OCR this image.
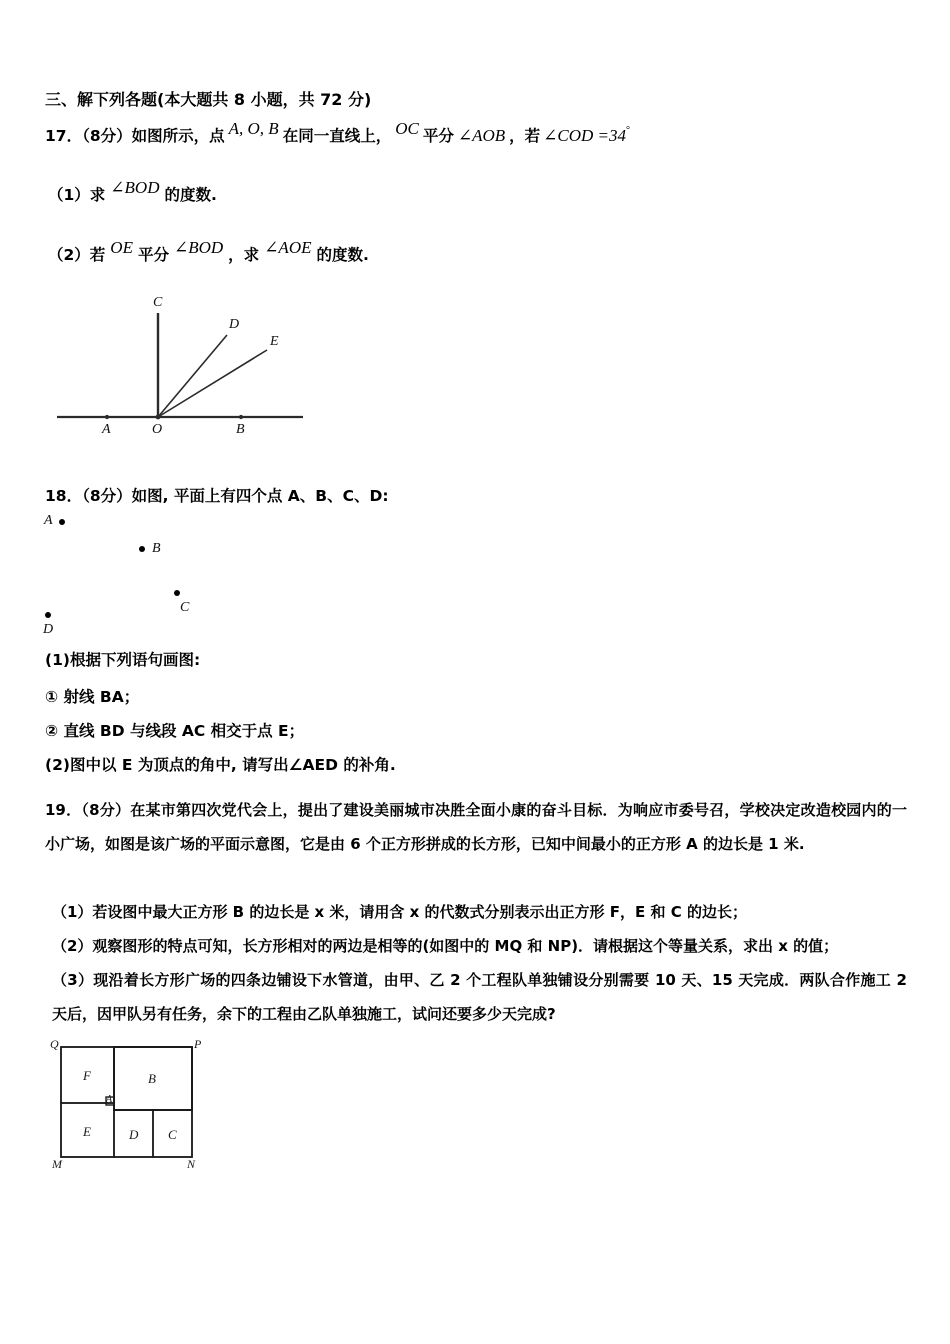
三、解下列各题(本大题共 8 小题，共 72 分)
17．（8分）如图所示，点 A, O, B 在同一直线上， OC 平分 ∠AOB ，若 ∠COD =34°
（1）求 ∠BOD 的度数.
（2）若 OE 平分 ∠BOD ，求 ∠AOE 的度数.
C
D
E
A	O	B
18．（8分）如图, 平面上有四个点 A、B、C、D:
A
B
C
D
(1)根据下列语句画图:
① 射线 BA；
② 直线 BD 与线段 AC 相交于点 E；
(2)图中以 E 为顶点的角中, 请写出∠AED 的补角.
19．（8分）在某市第四次党代会上，提出了建设美丽城市决胜全面小康的奋斗目标．为响应市委号召，学校决定改造校园内的一小广场，如图是该广场的平面示意图，它是由 6 个正方形拼成的长方形，已知中间最小的正方形 A 的边长是 1 米.
（1）若设图中最大正方形 B 的边长是 x 米，请用含 x 的代数式分别表示出正方形 F，E 和 C 的边长；
（2）观察图形的特点可知，长方形相对的两边是相等的(如图中的 MQ 和 NP)．请根据这个等量关系，求出 x 的值；
（3）现沿着长方形广场的四条边铺设下水管道，由甲、乙 2 个工程队单独铺设分别需要 10 天、15 天完成．两队合作施工 2 天后，因甲队另有任务，余下的工程由乙队单独施工，试问还要多少天完成?
Q	P
M	N
F	B
A
E	D C
